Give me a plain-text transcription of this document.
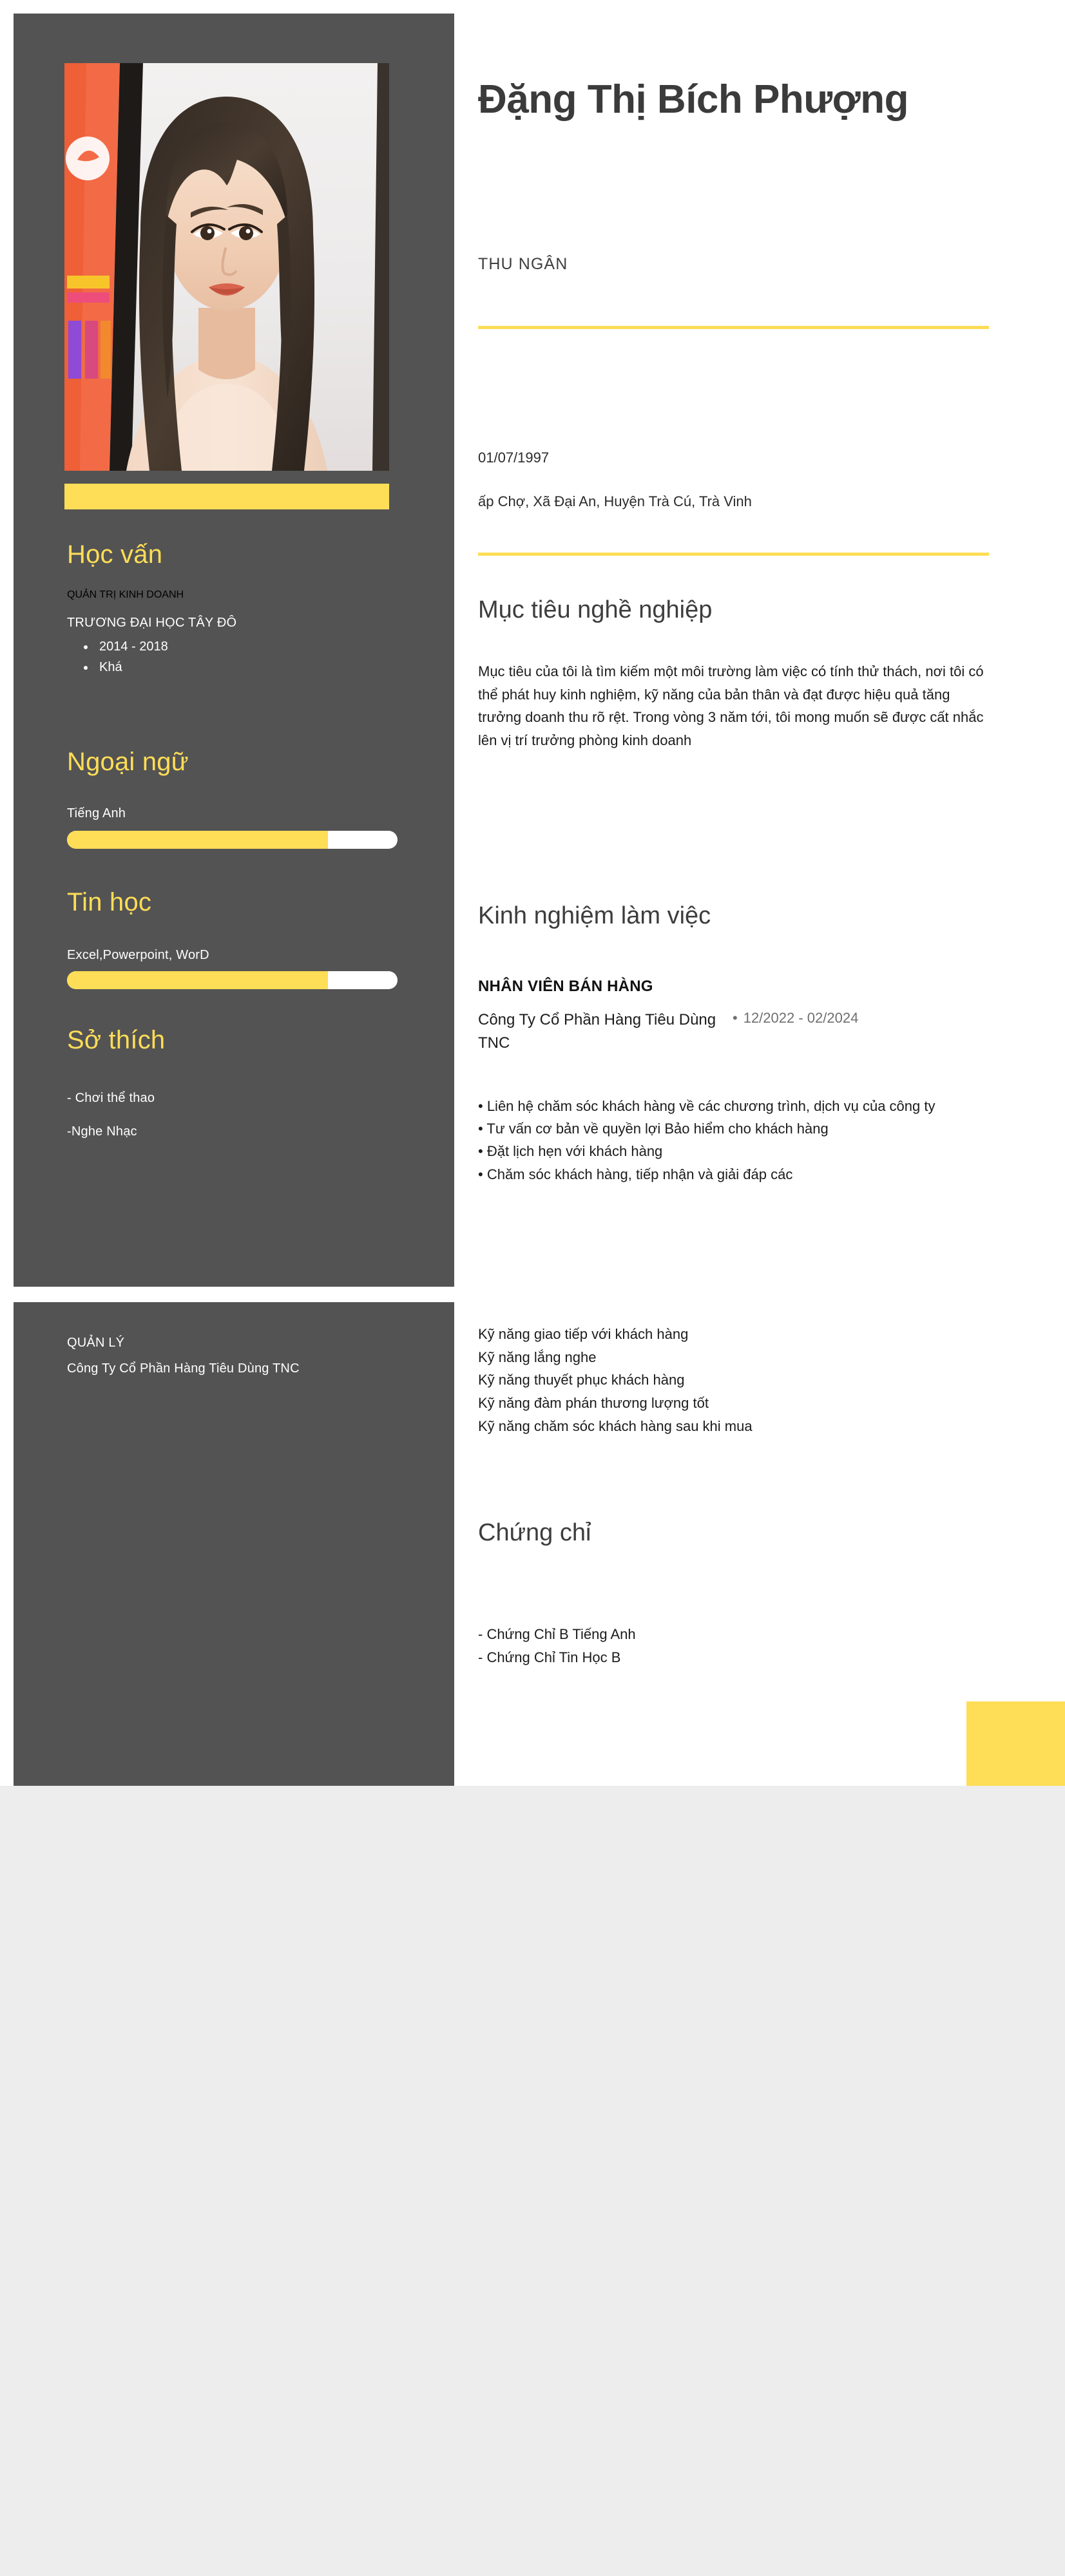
Học vấn
QUẢN TRỊ KINH DOANH
TRƯƠNG ĐẠI HỌC TÂY ĐÔ
• 2014 - 2018
• Khá
Ngoại ngữ
Tiếng Anh
Tin học
Excel,Powerpoint, WorD
Sở thích
- Chơi thể thao
-Nghe Nhạc
QUẢN LÝ
Công Ty Cổ Phần Hàng Tiêu Dùng TNC
Đặng Thị Bích Phượng
THU NGÂN
01/07/1997
ấp Chợ, Xã Đại An, Huyện Trà Cú, Trà Vinh
Mục tiêu nghề nghiệp
Mục tiêu của tôi là tìm kiếm một môi trường làm việc có tính thử thách, nơi tôi có thể phát huy kinh nghiệm, kỹ năng của bản thân và đạt được hiệu quả tăng trưởng doanh thu rõ rệt. Trong vòng 3 năm tới, tôi mong muốn sẽ được cất nhắc lên vị trí trưởng phòng kinh doanh
Kinh nghiệm làm việc
NHÂN VIÊN BÁN HÀNG
Công Ty Cổ Phần Hàng Tiêu Dùng TNC
• 12/2022 - 02/2024
• Liên hệ chăm sóc khách hàng về các chương trình, dịch vụ của công ty
• Tư vấn cơ bản về quyền lợi Bảo hiểm cho khách hàng
• Đặt lịch hẹn với khách hàng
• Chăm sóc khách hàng, tiếp nhận và giải đáp các
Kỹ năng giao tiếp với khách hàng
Kỹ năng lắng nghe
Kỹ năng thuyết phục khách hàng
Kỹ năng đàm phán thương lượng tốt
Kỹ năng chăm sóc khách hàng sau khi mua
Chứng chỉ
- Chứng Chỉ B Tiếng Anh
- Chứng Chỉ Tin Học B
